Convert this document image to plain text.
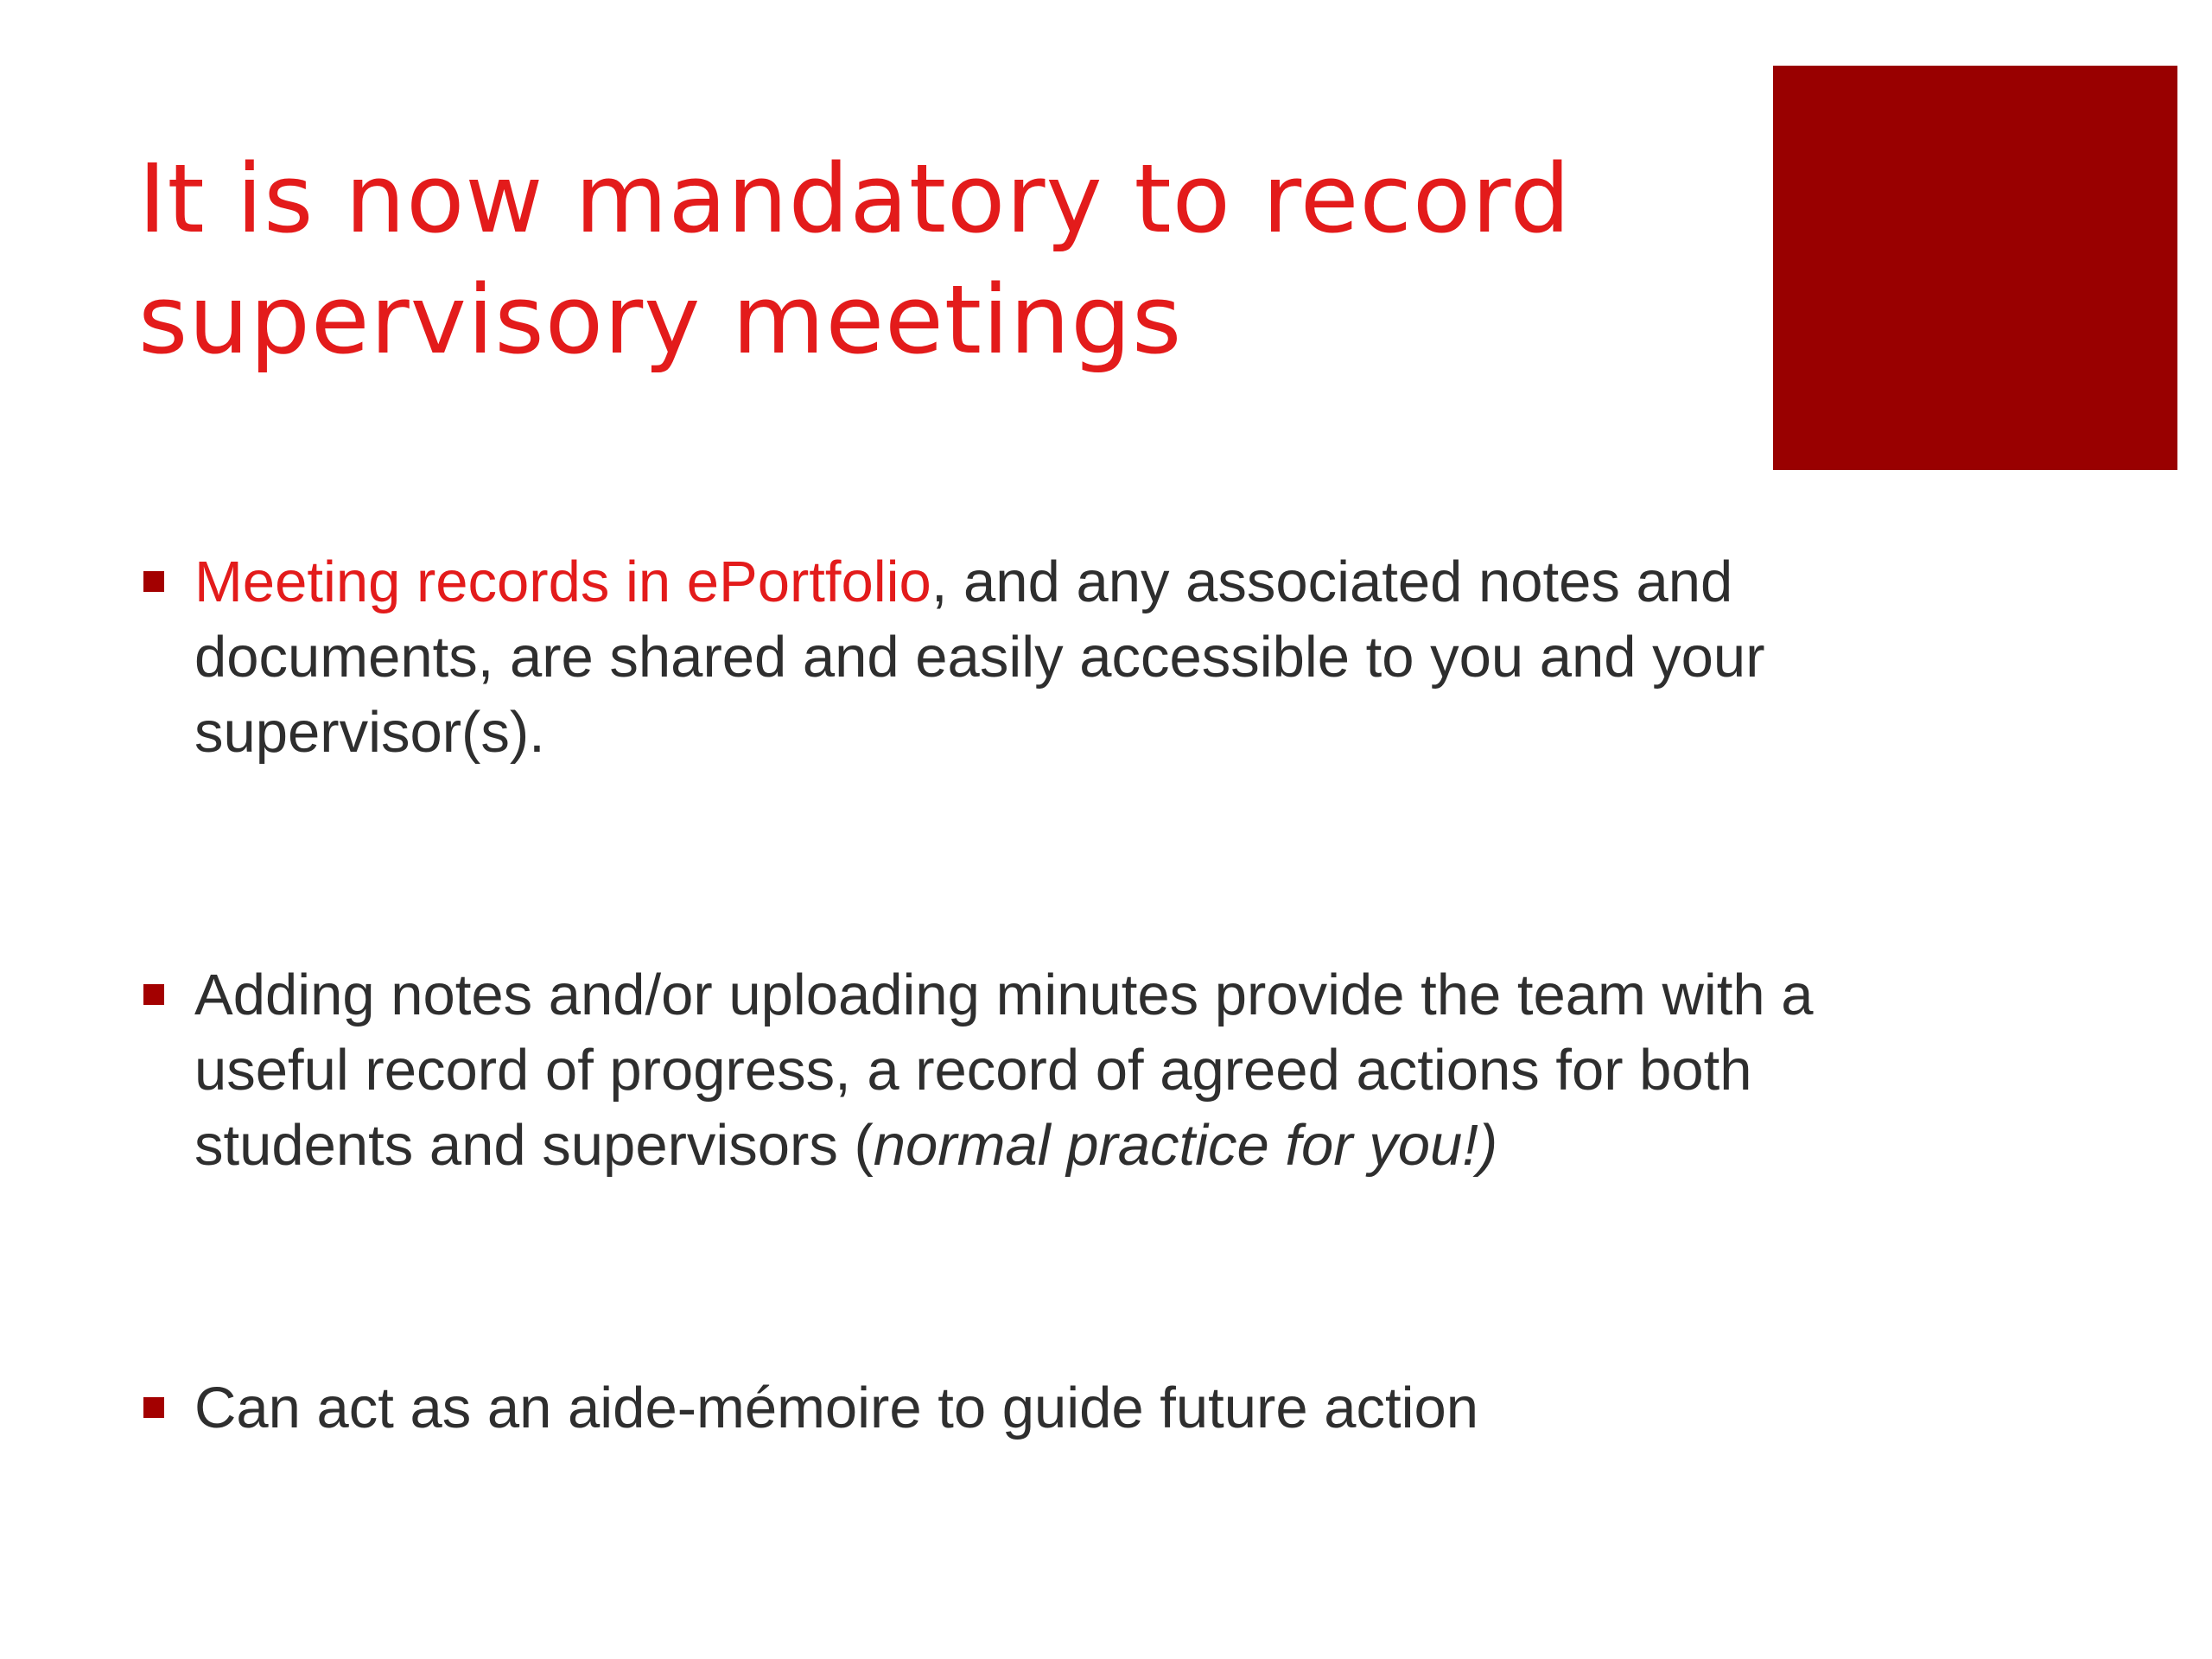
It is now mandatory to record supervisory meetings
Meeting records in ePortfolio, and any associated notes and documents, are shared and easily accessible to you and your supervisor(s).
Adding notes and/or uploading minutes provide the team with a useful record of progress, a record of agreed actions for both students and supervisors (normal practice for you!)
Can act as an aide-mémoire to guide future action
